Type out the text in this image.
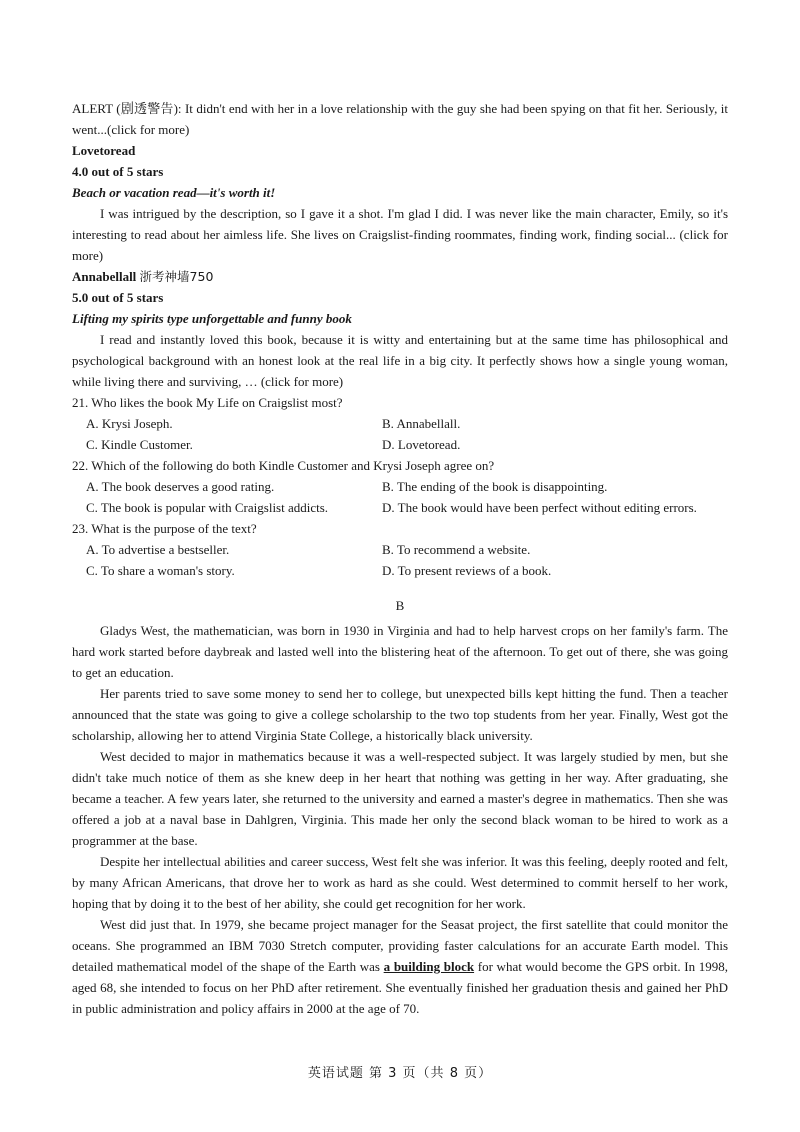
ALERT (剧透警告): It didn't end with her in a love relationship with the guy she had been spying on that fit her. Seriously, it went...(click for more)

Lovetoread

4.0 out of 5 stars

Beach or vacation read—it's worth it!

I was intrigued by the description, so I gave it a shot. I'm glad I did. I was never like the main character, Emily, so it's interesting to read about her aimless life. She lives on Craigslist-finding roommates, finding work, finding social... (click for more)

Annabellall 浙考神墙750

5.0 out of 5 stars

Lifting my spirits type unforgettable and funny book

I read and instantly loved this book, because it is witty and entertaining but at the same time has philosophical and psychological background with an honest look at the real life in a big city. It perfectly shows how a single young woman, while living there and surviving, … (click for more)

21. Who likes the book My Life on Craigslist most?

A. Krysi Joseph.	B. Annabellall.
C. Kindle Customer.	D. Lovetoread.

22. Which of the following do both Kindle Customer and Krysi Joseph agree on?

A. The book deserves a good rating.	B. The ending of the book is disappointing.
C. The book is popular with Craigslist addicts.	D. The book would have been perfect without editing errors.

23. What is the purpose of the text?

A. To advertise a bestseller.	B. To recommend a website.
C. To share a woman's story.	D. To present reviews of a book.

B

Gladys West, the mathematician, was born in 1930 in Virginia and had to help harvest crops on her family's farm. The hard work started before daybreak and lasted well into the blistering heat of the afternoon. To get out of there, she was going to get an education.

Her parents tried to save some money to send her to college, but unexpected bills kept hitting the fund. Then a teacher announced that the state was going to give a college scholarship to the two top students from her year. Finally, West got the scholarship, allowing her to attend Virginia State College, a historically black university.

West decided to major in mathematics because it was a well-respected subject. It was largely studied by men, but she didn't take much notice of them as she knew deep in her heart that nothing was getting in her way. After graduating, she became a teacher. A few years later, she returned to the university and earned a master's degree in mathematics. Then she was offered a job at a naval base in Dahlgren, Virginia. This made her only the second black woman to be hired to work as a programmer at the base.

Despite her intellectual abilities and career success, West felt she was inferior. It was this feeling, deeply rooted and felt, by many African Americans, that drove her to work as hard as she could. West determined to commit herself to her work, hoping that by doing it to the best of her ability, she could get recognition for her work.

West did just that. In 1979, she became project manager for the Seasat project, the first satellite that could monitor the oceans. She programmed an IBM 7030 Stretch computer, providing faster calculations for an accurate Earth model. This detailed mathematical model of the shape of the Earth was a building block for what would become the GPS orbit. In 1998, aged 68, she intended to focus on her PhD after retirement. She eventually finished her graduation thesis and gained her PhD in public administration and policy affairs in 2000 at the age of 70.

英语试题 第 3 页（共 8 页）
